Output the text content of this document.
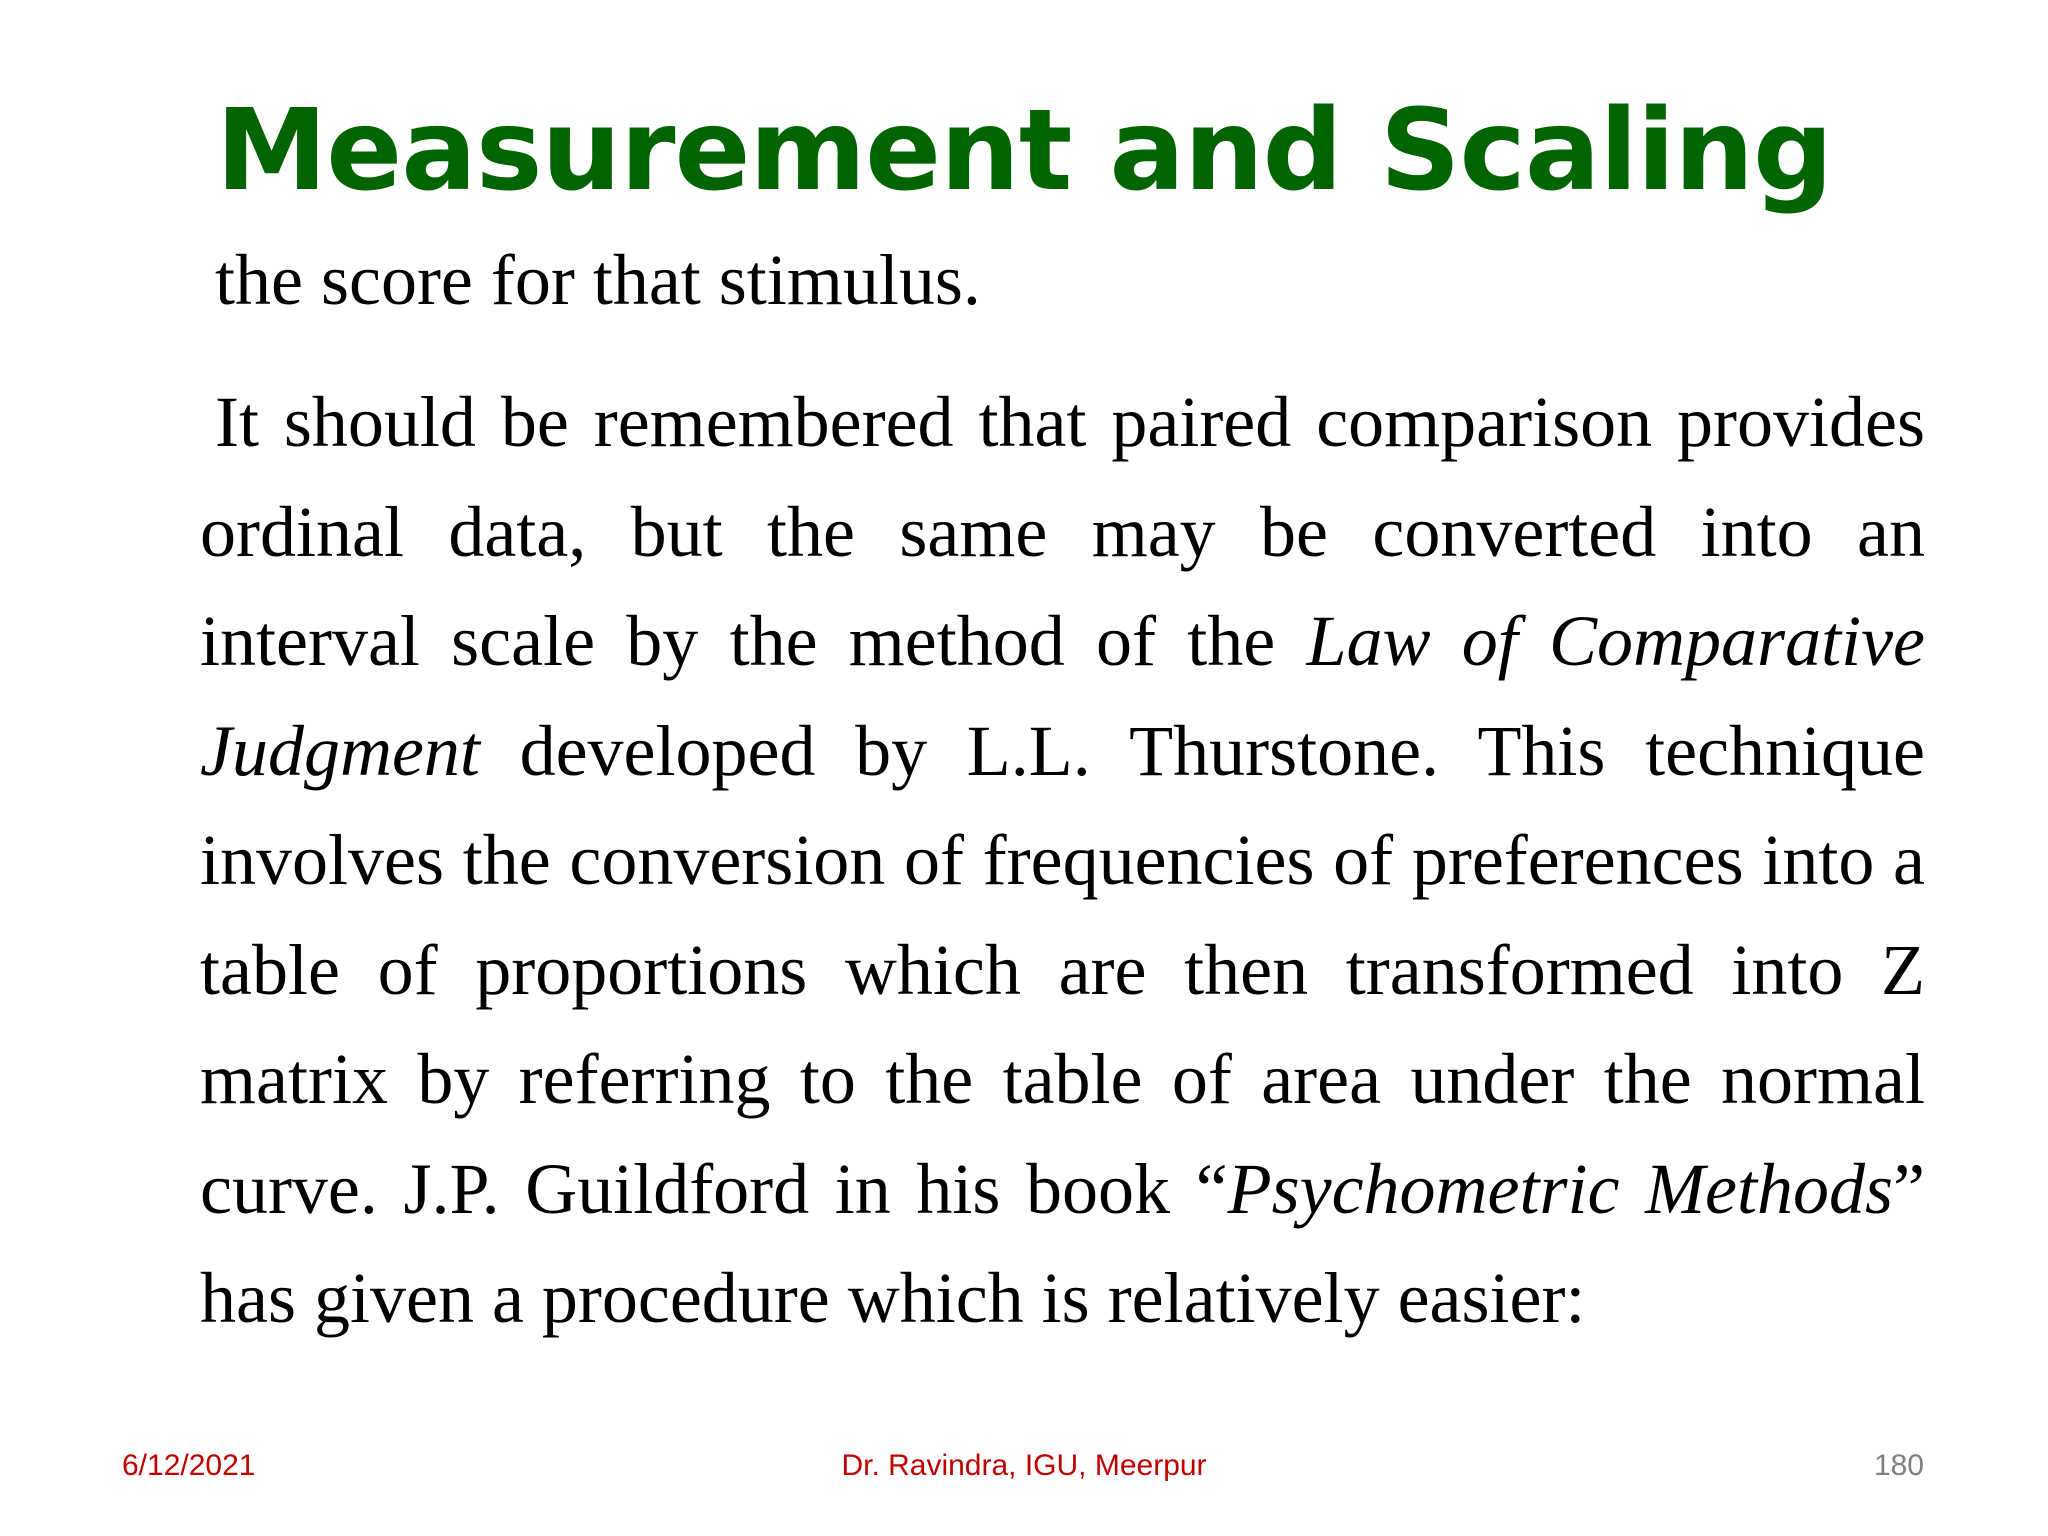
Measurement and Scaling
the score for that stimulus.

It should be remembered that paired comparison provides ordinal data, but the same may be converted into an interval scale by the method of the Law of Comparative Judgment developed by L.L. Thurstone. This technique involves the conversion of frequencies of preferences into a table of proportions which are then transformed into Z matrix by referring to the table of area under the normal curve. J.P. Guildford in his book “Psychometric Methods” has given a procedure which is relatively easier:

6/12/2021	Dr. Ravindra, IGU, Meerpur	180
